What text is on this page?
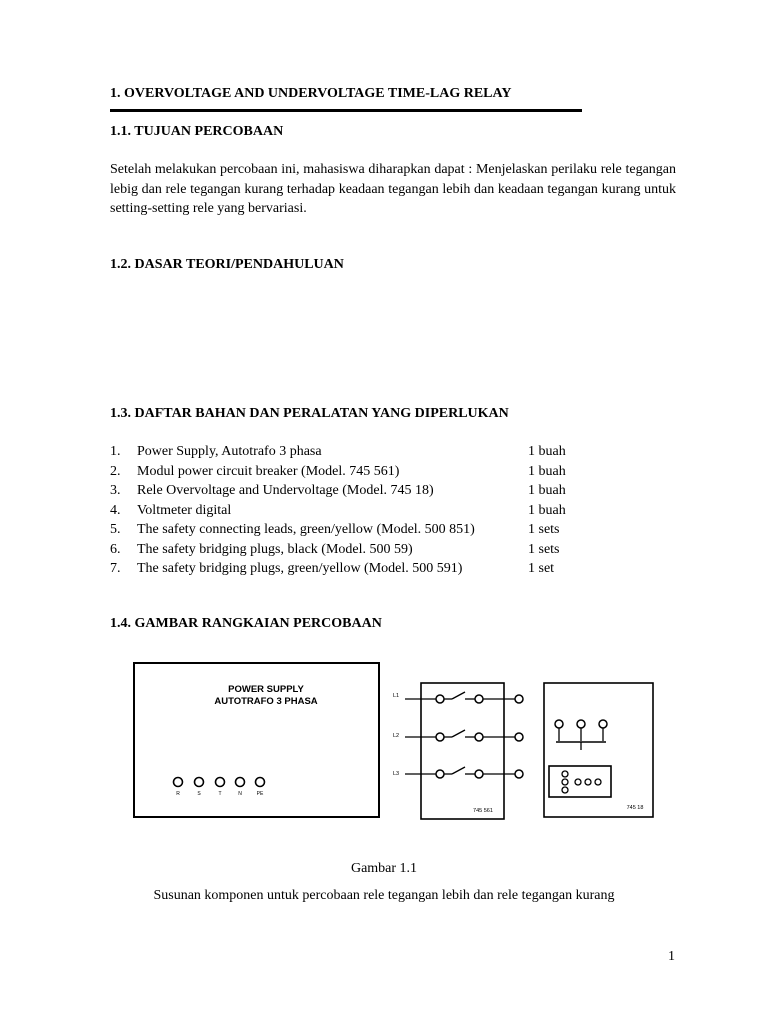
1. OVERVOLTAGE AND UNDERVOLTAGE TIME-LAG RELAY
1.1. TUJUAN PERCOBAAN
Setelah melakukan percobaan ini, mahasiswa diharapkan dapat : Menjelaskan perilaku rele tegangan lebig dan rele tegangan kurang terhadap keadaan tegangan lebih dan keadaan tegangan kurang untuk setting-setting rele yang bervariasi.
1.2. DASAR TEORI/PENDAHULUAN
1.3. DAFTAR BAHAN DAN PERALATAN YANG DIPERLUKAN
1. Power Supply, Autotrafo 3 phasa	1 buah
2. Modul power circuit breaker (Model. 745 561)	1 buah
3. Rele Overvoltage and Undervoltage (Model. 745 18)	1 buah
4. Voltmeter digital	1 buah
5. The safety connecting leads, green/yellow (Model. 500 851)	1 sets
6. The safety bridging plugs, black (Model. 500 59)	1 sets
7. The safety bridging plugs, green/yellow (Model. 500 591)	1 set
1.4. GAMBAR RANGKAIAN PERCOBAAN
POWER SUPPLY
AUTOTRAFO 3 PHASA
R	S	T	N	PE
L1
L2
L3
745 561	745 18
Gambar 1.1
Susunan komponen untuk percobaan rele tegangan lebih dan rele tegangan kurang
1
